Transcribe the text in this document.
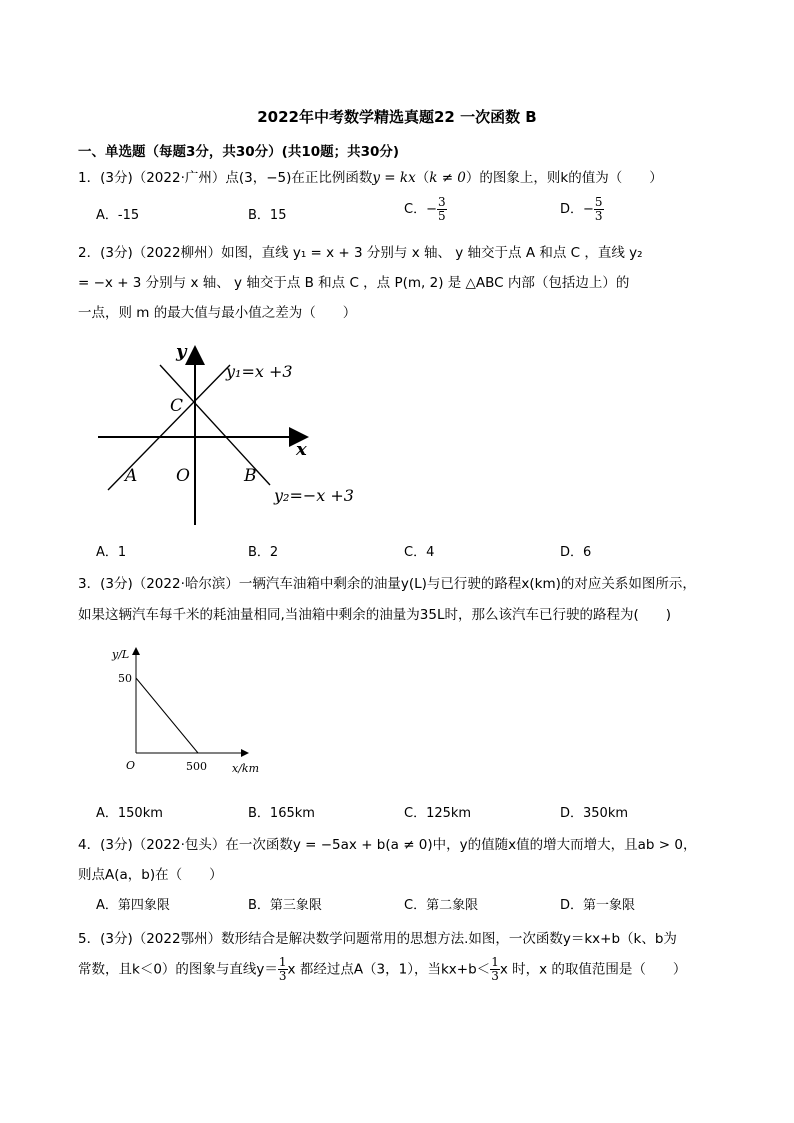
2022年中考数学精选真题22 一次函数 B
一、单选题（每题3分，共30分）(共10题；共30分)
1．(3分)（2022·广州）点(3，−5)在正比例函数y = kx（k ≠ 0）的图象上，则k的值为（　　）
A．-15	B．15	C．− $\frac{3}{5}$	D．− $\frac{5}{3}$
2．(3分)（2022柳州）如图，直线 y₁ = x + 3 分别与 x 轴、 y 轴交于点 A 和点 C ，直线 y₂
= −x + 3 分别与 x 轴、 y 轴交于点 B 和点 C ，点 P(m, 2) 是 △ABC 内部（包括边上）的
一点，则 m 的最大值与最小值之差为（　　）
y
x
y₁=x +3
y₂=−x +3
C
A O	B
A．1	B．2	C．4	D．6
3．(3分)（2022·哈尔滨）一辆汽车油箱中剩余的油量y(L)与已行驶的路程x(km)的对应关系如图所示，
如果这辆汽车每千米的耗油量相同,当油箱中剩余的油量为35L时，那么该汽车已行驶的路程为(　　)
y/L
50
O	500 x/km
A．150km	B．165km	C．125km	D．350km
4．(3分)（2022·包头）在一次函数y = −5ax + b(a ≠ 0)中，y的值随x值的增大而增大，且ab > 0，
则点A(a，b)在（　　）
A．第四象限	B．第三象限	C．第二象限	D．第一象限
5．(3分)（2022鄂州）数形结合是解决数学问题常用的思想方法.如图，一次函数y＝kx+b（k、b为
常数，且k＜0）的图象与直线$y= \frac{1}{3}$ x 都经过点A（3，1），当$kx+b< \frac{1}{3}$ x 时，x 的取值范围是（　　）
